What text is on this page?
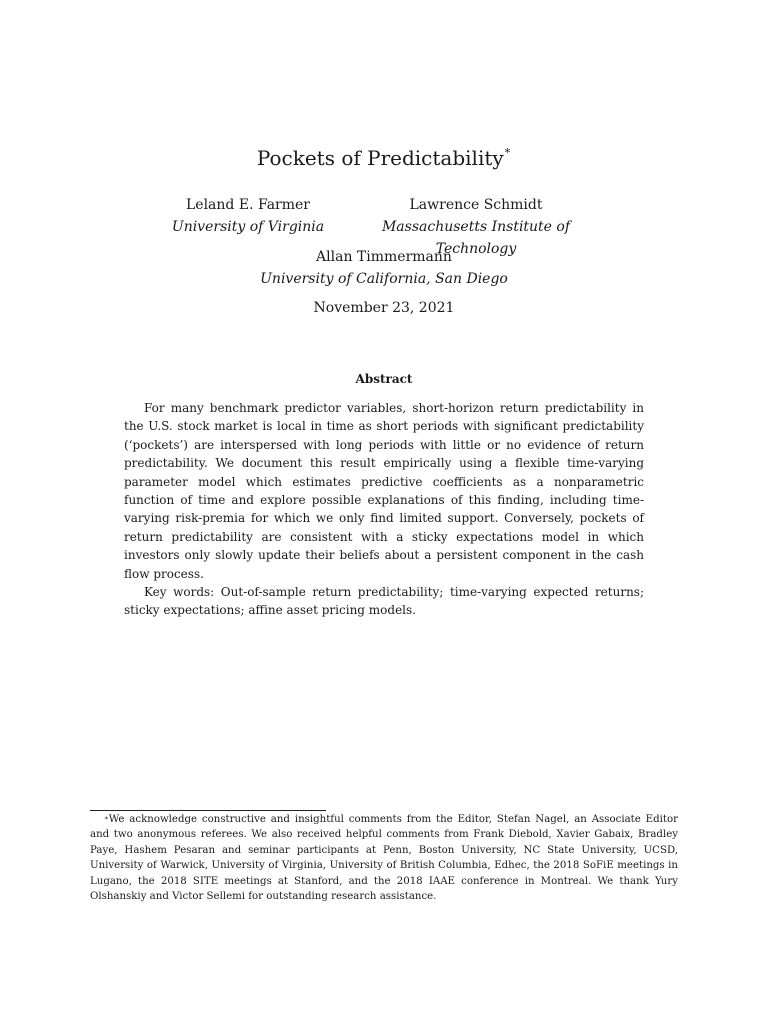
Pockets of Predictability∗
Leland E. Farmer
University of Virginia
Lawrence Schmidt
Massachusetts Institute of Technology
Allan Timmermann
University of California, San Diego
November 23, 2021
Abstract

For many benchmark predictor variables, short-horizon return predictability in the U.S. stock market is local in time as short periods with significant predictability (‘pockets’) are interspersed with long periods with little or no evidence of return predictability. We document this result empirically using a flexible time-varying parameter model which estimates predictive coefficients as a nonparametric function of time and explore possible explanations of this finding, including time-varying risk-premia for which we only find limited support. Conversely, pockets of return predictability are consistent with a sticky expectations model in which investors only slowly update their beliefs about a persistent component in the cash flow process.

Key words: Out-of-sample return predictability; time-varying expected returns; sticky expectations; affine asset pricing models.

∗We acknowledge constructive and insightful comments from the Editor, Stefan Nagel, an Associate Editor and two anonymous referees. We also received helpful comments from Frank Diebold, Xavier Gabaix, Bradley Paye, Hashem Pesaran and seminar participants at Penn, Boston University, NC State University, UCSD, University of Warwick, University of Virginia, University of British Columbia, Edhec, the 2018 SoFiE meetings in Lugano, the 2018 SITE meetings at Stanford, and the 2018 IAAE conference in Montreal. We thank Yury Olshanskiy and Victor Sellemi for outstanding research assistance.
